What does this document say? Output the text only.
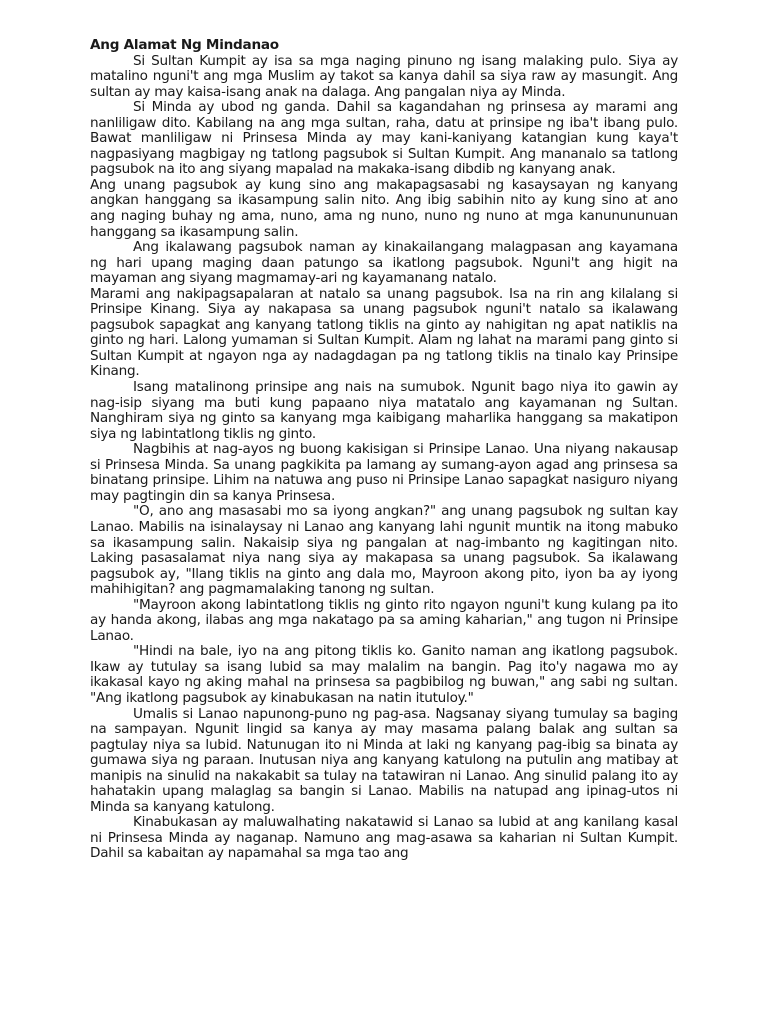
Ang Alamat Ng Mindanao

Si Sultan Kumpit ay isa sa mga naging pinuno ng isang malaking pulo. Siya ay matalino nguni't ang mga Muslim ay takot sa kanya dahil sa siya raw ay masungit. Ang sultan ay may kaisa-isang anak na dalaga. Ang pangalan niya ay Minda.

Si Minda ay ubod ng ganda. Dahil sa kagandahan ng prinsesa ay marami ang nanliligaw dito. Kabilang na ang mga sultan, raha, datu at prinsipe ng iba't ibang pulo. Bawat manliligaw ni Prinsesa Minda ay may kani-kaniyang katangian kung kaya't nagpasiyang magbigay ng tatlong pagsubok si Sultan Kumpit. Ang mananalo sa tatlong pagsubok na ito ang siyang mapalad na makaka-isang dibdib ng kanyang anak.

Ang unang pagsubok ay kung sino ang makapagsasabi ng kasaysayan ng kanyang angkan hanggang sa ikasampung salin nito. Ang ibig sabihin nito ay kung sino at ano ang naging buhay ng ama, nuno, ama ng nuno, nuno ng nuno at mga kanunununuan hanggang sa ikasampung salin.

Ang ikalawang pagsubok naman ay kinakailangang malagpasan ang kayamana ng hari upang maging daan patungo sa ikatlong pagsubok. Nguni't ang higit na mayaman ang siyang magmamay-ari ng kayamanang natalo.

Marami ang nakipagsapalaran at natalo sa unang pagsubok. Isa na rin ang kilalang si Prinsipe Kinang. Siya ay nakapasa sa unang pagsubok nguni't natalo sa ikalawang pagsubok sapagkat ang kanyang tatlong tiklis na ginto ay nahigitan ng apat natiklis na ginto ng hari. Lalong yumaman si Sultan Kumpit. Alam ng lahat na marami pang ginto si Sultan Kumpit at ngayon nga ay nadagdagan pa ng tatlong tiklis na tinalo kay Prinsipe Kinang.

Isang matalinong prinsipe ang nais na sumubok. Ngunit bago niya ito gawin ay nag-isip siyang ma buti kung papaano niya matatalo ang kayamanan ng Sultan. Nanghiram siya ng ginto sa kanyang mga kaibigang maharlika hanggang sa makatipon siya ng labintatlong tiklis ng ginto.

Nagbihis at nag-ayos ng buong kakisigan si Prinsipe Lanao. Una niyang nakausap si Prinsesa Minda. Sa unang pagkikita pa lamang ay sumang-ayon agad ang prinsesa sa binatang prinsipe. Lihim na natuwa ang puso ni Prinsipe Lanao sapagkat nasiguro niyang may pagtingin din sa kanya Prinsesa.

"O, ano ang masasabi mo sa iyong angkan?" ang unang pagsubok ng sultan kay Lanao. Mabilis na isinalaysay ni Lanao ang kanyang lahi ngunit muntik na itong mabuko sa ikasampung salin. Nakaisip siya ng pangalan at nag-imbanto ng kagitingan nito. Laking pasasalamat niya nang siya ay makapasa sa unang pagsubok. Sa ikalawang pagsubok ay, "Ilang tiklis na ginto ang dala mo, Mayroon akong pito, iyon ba ay iyong mahihigitan? ang pagmamalaking tanong ng sultan.

"Mayroon akong labintatlong tiklis ng ginto rito ngayon nguni't kung kulang pa ito ay handa akong, ilabas ang mga nakatago pa sa aming kaharian," ang tugon ni Prinsipe Lanao.

"Hindi na bale, iyo na ang pitong tiklis ko. Ganito naman ang ikatlong pagsubok. Ikaw ay tutulay sa isang lubid sa may malalim na bangin. Pag ito'y nagawa mo ay ikakasal kayo ng aking mahal na prinsesa sa pagbibilog ng buwan," ang sabi ng sultan. "Ang ikatlong pagsubok ay kinabukasan na natin itutuloy."

Umalis si Lanao napunong-puno ng pag-asa. Nagsanay siyang tumulay sa baging na sampayan. Ngunit lingid sa kanya ay may masama palang balak ang sultan sa pagtulay niya sa lubid. Natunugan ito ni Minda at laki ng kanyang pag-ibig sa binata ay gumawa siya ng paraan. Inutusan niya ang kanyang katulong na putulin ang matibay at manipis na sinulid na nakakabit sa tulay na tatawiran ni Lanao. Ang sinulid palang ito ay hahatakin upang malaglag sa bangin si Lanao. Mabilis na natupad ang ipinag-utos ni Minda sa kanyang katulong.

Kinabukasan ay maluwalhating nakatawid si Lanao sa lubid at ang kanilang kasal ni Prinsesa Minda ay naganap. Namuno ang mag-asawa sa kaharian ni Sultan Kumpit. Dahil sa kabaitan ay napamahal sa mga tao ang
